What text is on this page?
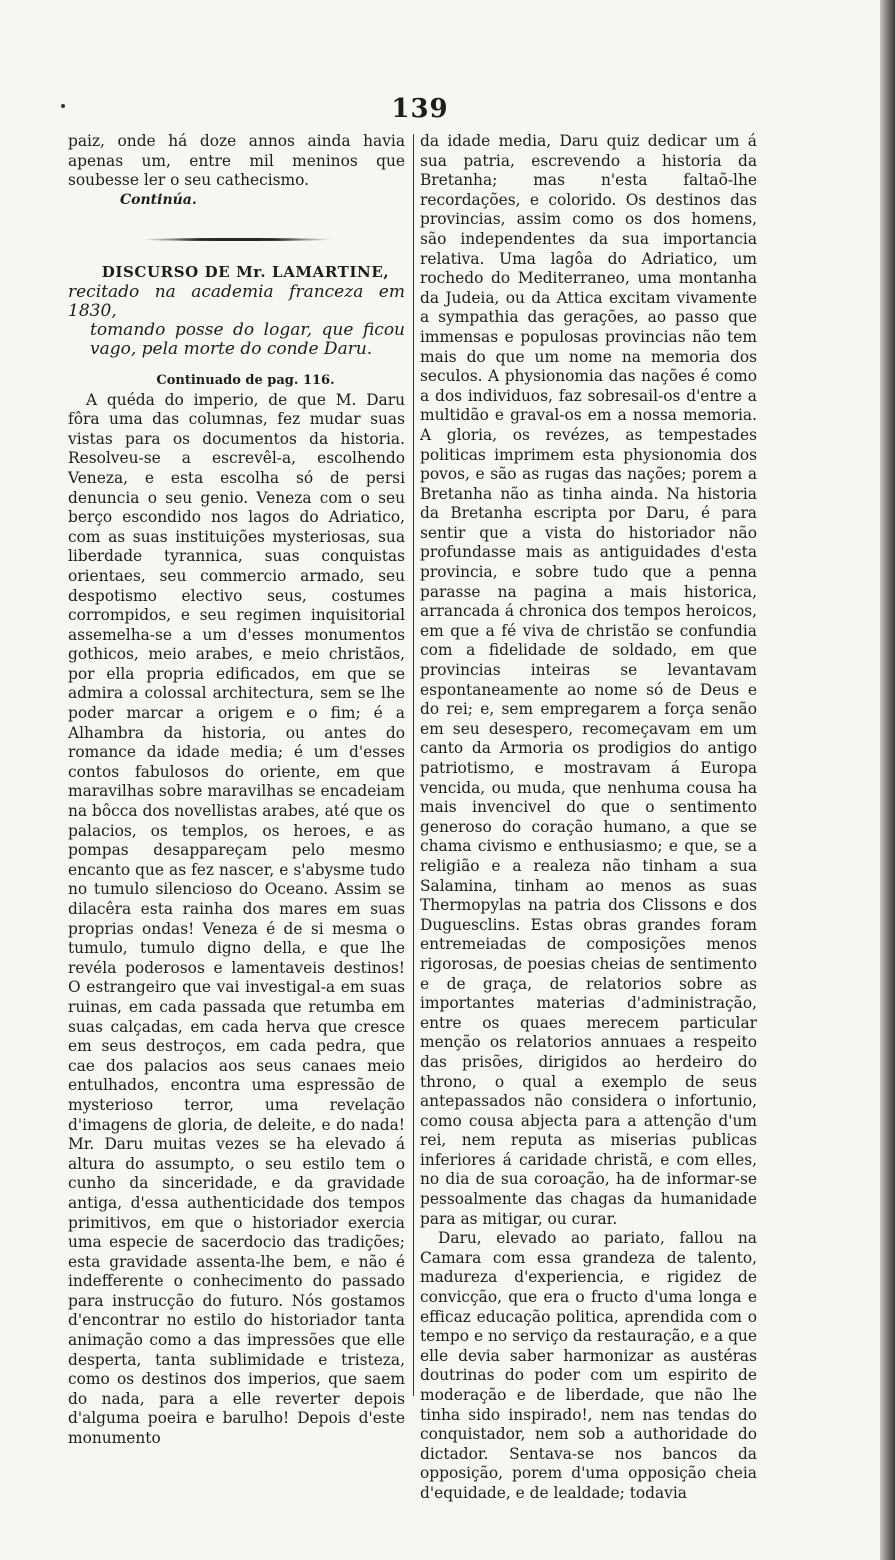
139

paiz, onde há doze annos ainda havia apenas um, entre mil meninos que soubesse ler o seu cathecismo.

Continúa.

DISCURSO DE Mr. LAMARTINE,

recitado na academia franceza em 1830,
tomando posse do logar, que ficou vago, pela morte do conde Daru.

Continuado de pag. 116.

A quéda do imperio, de que M. Daru fôra uma das columnas, fez mudar suas vistas para os documentos da historia. Resolveu-se a escrevêl-a, escolhendo Veneza, e esta escolha só de persi denuncia o seu genio. Veneza com o seu berço escondido nos lagos do Adriatico, com as suas instituições mysteriosas, sua liberdade tyrannica, suas conquistas orientaes, seu commercio armado, seu despotismo electivo seus, costumes corrompidos, e seu regimen inquisitorial assemelha-se a um d'esses monumentos gothicos, meio arabes, e meio christãos, por ella propria edificados, em que se admira a colossal architectura, sem se lhe poder marcar a origem e o fim; é a Alhambra da historia, ou antes do romance da idade media; é um d'esses contos fabulosos do oriente, em que maravilhas sobre maravilhas se encadeiam na bôcca dos novellistas arabes, até que os palacios, os templos, os heroes, e as pompas desappareçam pelo mesmo encanto que as fez nascer, e s'abysme tudo no tumulo silencioso do Oceano. Assim se dilacêra esta rainha dos mares em suas proprias ondas! Veneza é de si mesma o tumulo, tumulo digno della, e que lhe revéla poderosos e lamentaveis destinos! O estrangeiro que vai investigal-a em suas ruinas, em cada passada que retumba em suas calçadas, em cada herva que cresce em seus destroços, em cada pedra, que cae dos palacios aos seus canaes meio entulhados, encontra uma espressão de mysterioso terror, uma revelação d'imagens de gloria, de deleite, e do nada! Mr. Daru muitas vezes se ha elevado á altura do assumpto, o seu estilo tem o cunho da sinceridade, e da gravidade antiga, d'essa authenticidade dos tempos primitivos, em que o historiador exercia uma especie de sacerdocio das tradições; esta gravidade assenta-lhe bem, e não é indefferente o conhecimento do passado para instrucção do futuro. Nós gostamos d'encontrar no estilo do historiador tanta animação como a das impressões que elle desperta, tanta sublimidade e tristeza, como os destinos dos imperios, que saem do nada, para a elle reverter depois d'alguma poeira e barulho! Depois d'este monumento

da idade media, Daru quiz dedicar um á sua patria, escrevendo a historia da Bretanha; mas n'esta faltaõ-lhe recordações, e colorido. Os destinos das provincias, assim como os dos homens, são independentes da sua importancia relativa. Uma lagôa do Adriatico, um rochedo do Mediterraneo, uma montanha da Judeia, ou da Attica excitam vivamente a sympathia das gerações, ao passo que immensas e populosas provincias não tem mais do que um nome na memoria dos seculos. A physionomia das nações é como a dos individuos, faz sobresail-os d'entre a multidão e graval-os em a nossa memoria. A gloria, os revézes, as tempestades politicas imprimem esta physionomia dos povos, e são as rugas das nações; porem a Bretanha não as tinha ainda. Na historia da Bretanha escripta por Daru, é para sentir que a vista do historiador não profundasse mais as antiguidades d'esta provincia, e sobre tudo que a penna parasse na pagina a mais historica, arrancada á chronica dos tempos heroicos, em que a fé viva de christão se confundia com a fidelidade de soldado, em que provincias inteiras se levantavam espontaneamente ao nome só de Deus e do rei; e, sem empregarem a força senão em seu desespero, recomeçavam em um canto da Armoria os prodigios do antigo patriotismo, e mostravam á Europa vencida, ou muda, que nenhuma cousa ha mais invencivel do que o sentimento generoso do coração humano, a que se chama civismo e enthusiasmo; e que, se a religião e a realeza não tinham a sua Salamina, tinham ao menos as suas Thermopylas na patria dos Clissons e dos Duguesclins. Estas obras grandes foram entremeiadas de composições menos rigorosas, de poesias cheias de sentimento e de graça, de relatorios sobre as importantes materias d'administração, entre os quaes merecem particular menção os relatorios annuaes a respeito das prisões, dirigidos ao herdeiro do throno, o qual a exemplo de seus antepassados não considera o infortunio, como cousa abjecta para a attenção d'um rei, nem reputa as miserias publicas inferiores á caridade christã, e com elles, no dia de sua coroação, ha de informar-se pessoalmente das chagas da humanidade para as mitigar, ou curar.

Daru, elevado ao pariato, fallou na Camara com essa grandeza de talento, madureza d'experiencia, e rigidez de convicção, que era o fructo d'uma longa e efficaz educação politica, aprendida com o tempo e no serviço da restauração, e a que elle devia saber harmonizar as austéras doutrinas do poder com um espirito de moderação e de liberdade, que não lhe tinha sido inspirado!, nem nas tendas do conquistador, nem sob a authoridade do dictador. Sentava-se nos bancos da opposição, porem d'uma opposição cheia d'equidade, e de lealdade; todavia
